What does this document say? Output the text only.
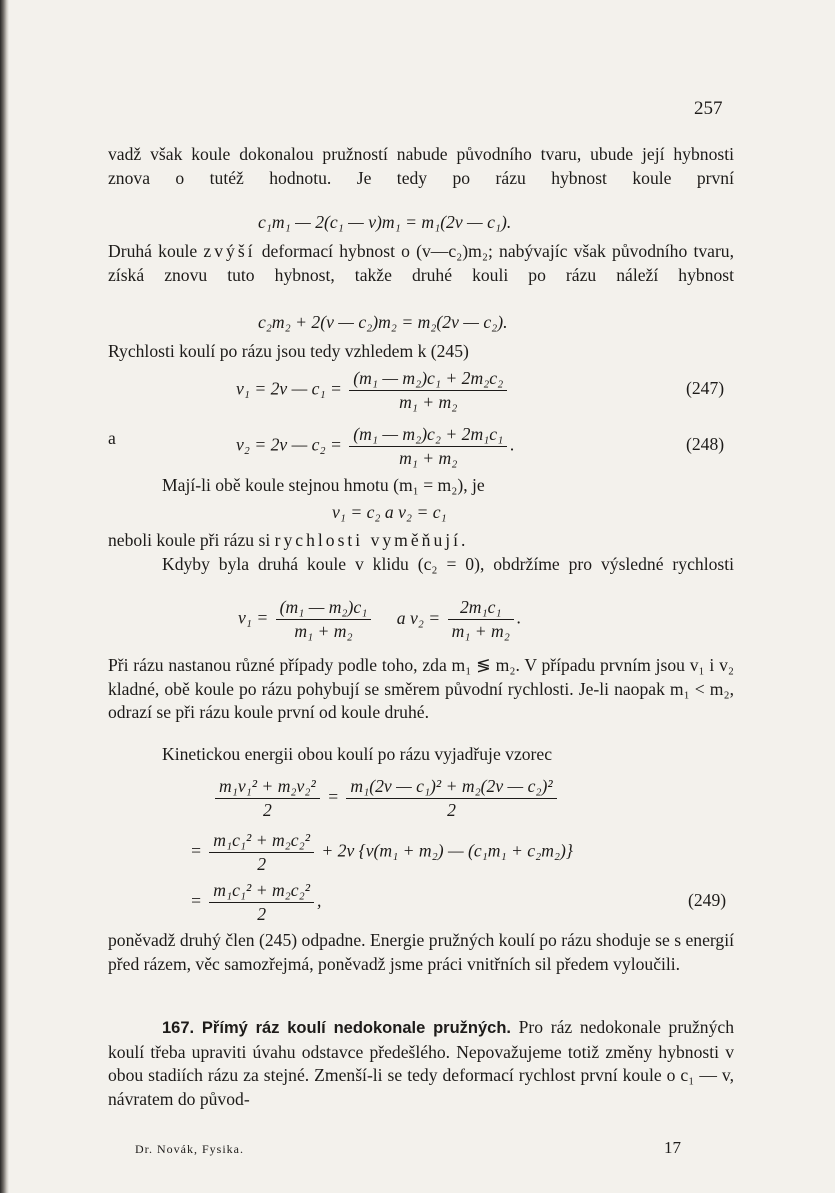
257
vadž však koule dokonalou pružností nabude původního tvaru, ubude její hybnosti znova o tutéž hodnotu. Je tedy po rázu hybnost koule první
c₁m₁ — 2(c₁ — v)m₁ = m₁(2v — c₁).
Druhá koule zvýší deformací hybnost o (v—c₂)m₂; nabývajíc však původního tvaru, získá znovu tuto hybnost, takže druhé kouli po rázu náleží hybnost
c₂m₂ + 2(v — c₂)m₂ = m₂(2v — c₂).
Rychlosti koulí po rázu jsou tedy vzhledem k (245)
v₁ = 2v — $c_1 = \frac{\text{(m₁ — m₂)c₁ + 2m₂c₂}}{\text{m₁ + m₂}}$	(247)
a	v₂ = 2v — $c_2 = \frac{\text{(m₁ — m₂)c₂ + 2m₁c₁}}{\text{m₁ + m₂}}$ .	(248)
Mají-li obě koule stejnou hmotu (m₁ = m₂), je
v₁ = c₂ a v₂ = c₁
neboli koule při rázu si rychlosti vyměňují.
Kdyby byla druhá koule v klidu (c₂ = 0), obdržíme pro výsledné rychlosti
$v_1 = \frac{\text{(m₁ — m₂)c₁}}{\text{m₁ + m₂}}$ a $v_2 = \frac{\text{2m₁c₁}}{\text{m₁ + m₂}}$ .
Při rázu nastanou různé případy podle toho, zda m₁ ≶ m₂. V případu prvním jsou v₁ i v₂ kladné, obě koule po rázu pohybují se směrem původní rychlosti. Je-li naopak m₁ < m₂, odrazí se při rázu koule první od koule druhé.
Kinetickou energii obou koulí po rázu vyjadřuje vzorec
$\frac{\text{m₁v₁² + m₂v₂²}}{2} = \frac{\text{m₁(2v — c₁)² + m₂(2v — c₂)²}}{2}$
= $\frac{\text{m₁c₁² + m₂c₂²}}{2} + 2v$ {v(m₁ + m₂) — (c₁m₁ + c₂m₂)}
= $\frac{\text{m₁c₁² + m₂c₂²}}{2}$ ,	(249)
poněvadž druhý člen (245) odpadne. Energie pružných koulí po rázu shoduje se s energií před rázem, věc samozřejmá, poněvadž jsme práci vnitřních sil předem vyloučili.
167. Přímý ráz koulí nedokonale pružných. Pro ráz nedokonale pružných koulí třeba upraviti úvahu odstavce předešlého. Nepovažujeme totiž změny hybnosti v obou stadiích rázu za stejné. Zmenší-li se tedy deformací rychlost první koule o c₁ — v, návratem do původ-
Dr. Novák, Fysika.	17
